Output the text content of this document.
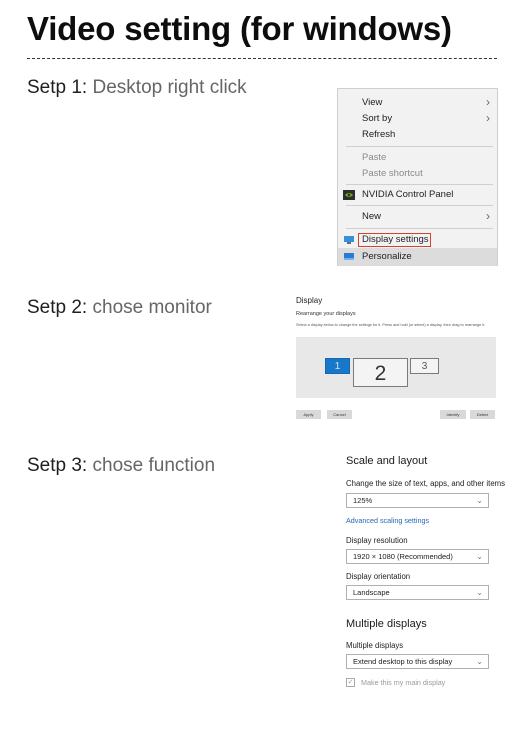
Video setting (for windows)
Setp 1: Desktop right click
View	›
Sort by	›
Refresh
Paste
Paste shortcut
NVIDIA Control Panel
New	›
Display settings
Personalize
Setp 2: chose monitor	Display
Rearrange your displays
Select a display below to change the settings for it. Press and hold (or select) a display, then drag to rearrange it.
1	2	3
Apply	Cancel	Identify	Detect
Setp 3: chose function	Scale and layout
Change the size of text, apps, and other items
125%	⌄
Advanced scaling settings
Display resolution
1920 × 1080 (Recommended)	⌄
Display orientation
Landscape	⌄
Multiple displays
Multiple displays
Extend desktop to this display	⌄
✓ Make this my main display
